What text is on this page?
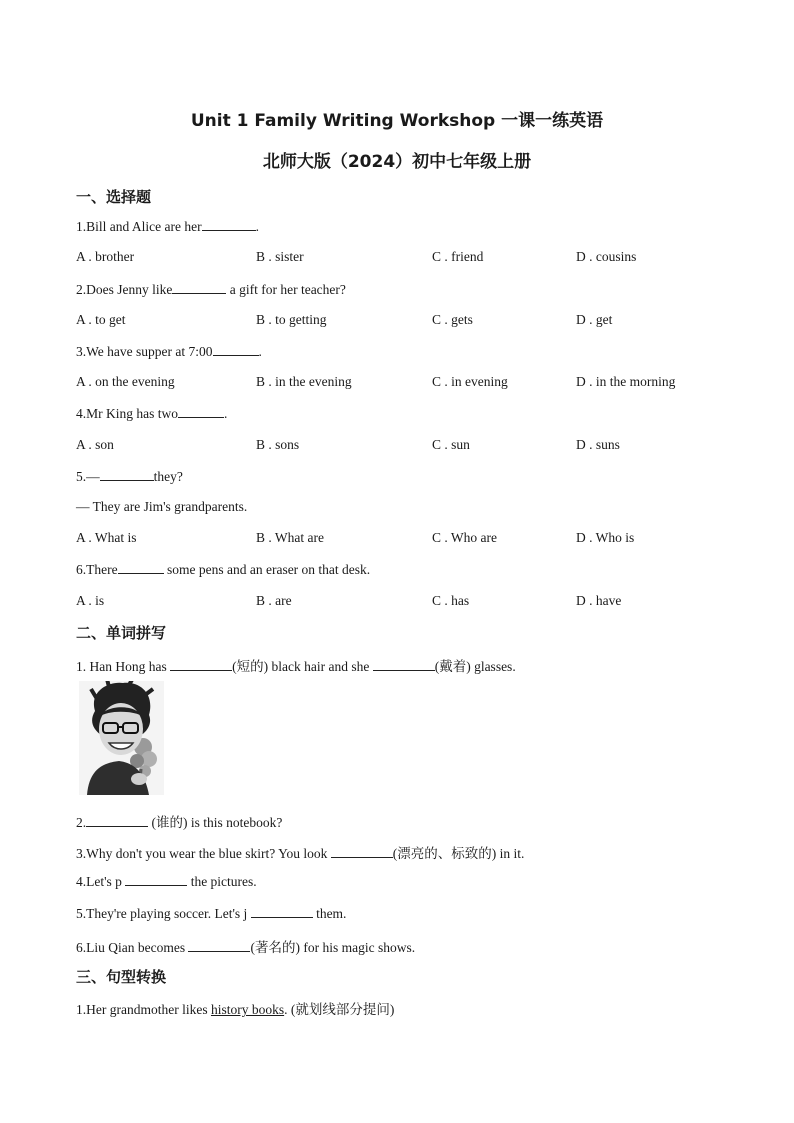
Unit 1 Family Writing Workshop 一课一练英语
北师大版（2024）初中七年级上册
一、选择题
1.Bill and Alice are her	.
A . brother	B . sister	C . friend	D . cousins
2.Does Jenny like	a gift for her teacher?
A . to get	B . to getting	C . gets	D . get
3.We have supper at 7:00	.
A . on the evening	B . in the evening	C . in evening	D . in the morning
4.Mr King has two	.
A . son	B . sons	C . sun	D . suns
5.—	they?
— They are Jim's grandparents.
A . What is	B . What are	C . Who are	D . Who is
6.There	some pens and an eraser on that desk.
A . is	B . are	C . has	D . have
二、单词拼写
1. Han Hong has	(短的) black hair and she	(戴着) glasses.
2.	(谁的) is this notebook?
3.Why don't you wear the blue skirt? You look	(漂亮的、标致的) in it.
4.Let's p	the pictures.
5.They're playing soccer. Let's j	them.
6.Liu Qian becomes	(著名的) for his magic shows.
三、句型转换
1.Her grandmother likes history books. (就划线部分提问)
